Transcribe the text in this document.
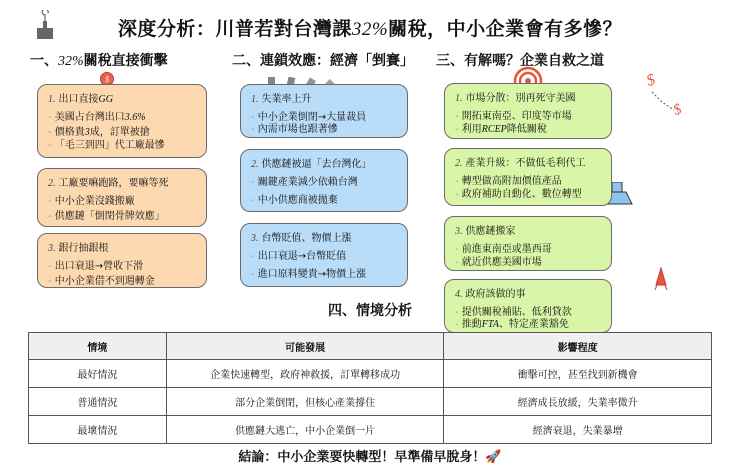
$	$
$
深度分析：川普若對台灣課32%關稅，中小企業會有多慘？
一、32%關稅直接衝擊	二、連鎖效應：經濟「剉賽」 三、有解嗎？企業自救之道
四、情境分析
1. 出口直接GG
- 美國占台灣出口3.6%
- 價格貴3成，訂單被搶
- 「毛三到四」代工廠最慘
2. 工廠要嘛跑路，要嘛等死
- 中小企業沒錢搬廠
- 供應鏈「倒閉骨牌效應」
3. 銀行抽銀根
- 出口衰退→營收下滑
- 中小企業借不到週轉金
1. 失業率上升
- 中小企業倒閉→大量裁員
- 內需市場也跟著慘
2. 供應鏈被逼「去台灣化」
- 關鍵產業減少依賴台灣
- 中小供應商被拋棄
3. 台幣貶值、物價上漲
- 出口衰退→台幣貶值
- 進口原料變貴→物價上漲
1. 市場分散：別再死守美國
- 開拓東南亞、印度等市場
- 利用RCEP降低關稅
2. 產業升級：不做低毛利代工
- 轉型做高附加價值產品
- 政府補助自動化、數位轉型
3. 供應鏈搬家
- 前進東南亞或墨西哥
- 就近供應美國市場
4. 政府該做的事
- 提供關稅補貼、低利貸款
- 推動FTA、特定產業豁免
情境	可能發展	影響程度
最好情況	企業快速轉型，政府神救援，訂單轉移成功	衝擊可控，甚至找到新機會
普通情況	部分企業倒閉，但核心產業撐住	經濟成長放緩，失業率微升
最壞情況	供應鏈大逃亡，中小企業倒一片	經濟衰退，失業暴增
結論：中小企業要快轉型！早準備早脫身！🚀
